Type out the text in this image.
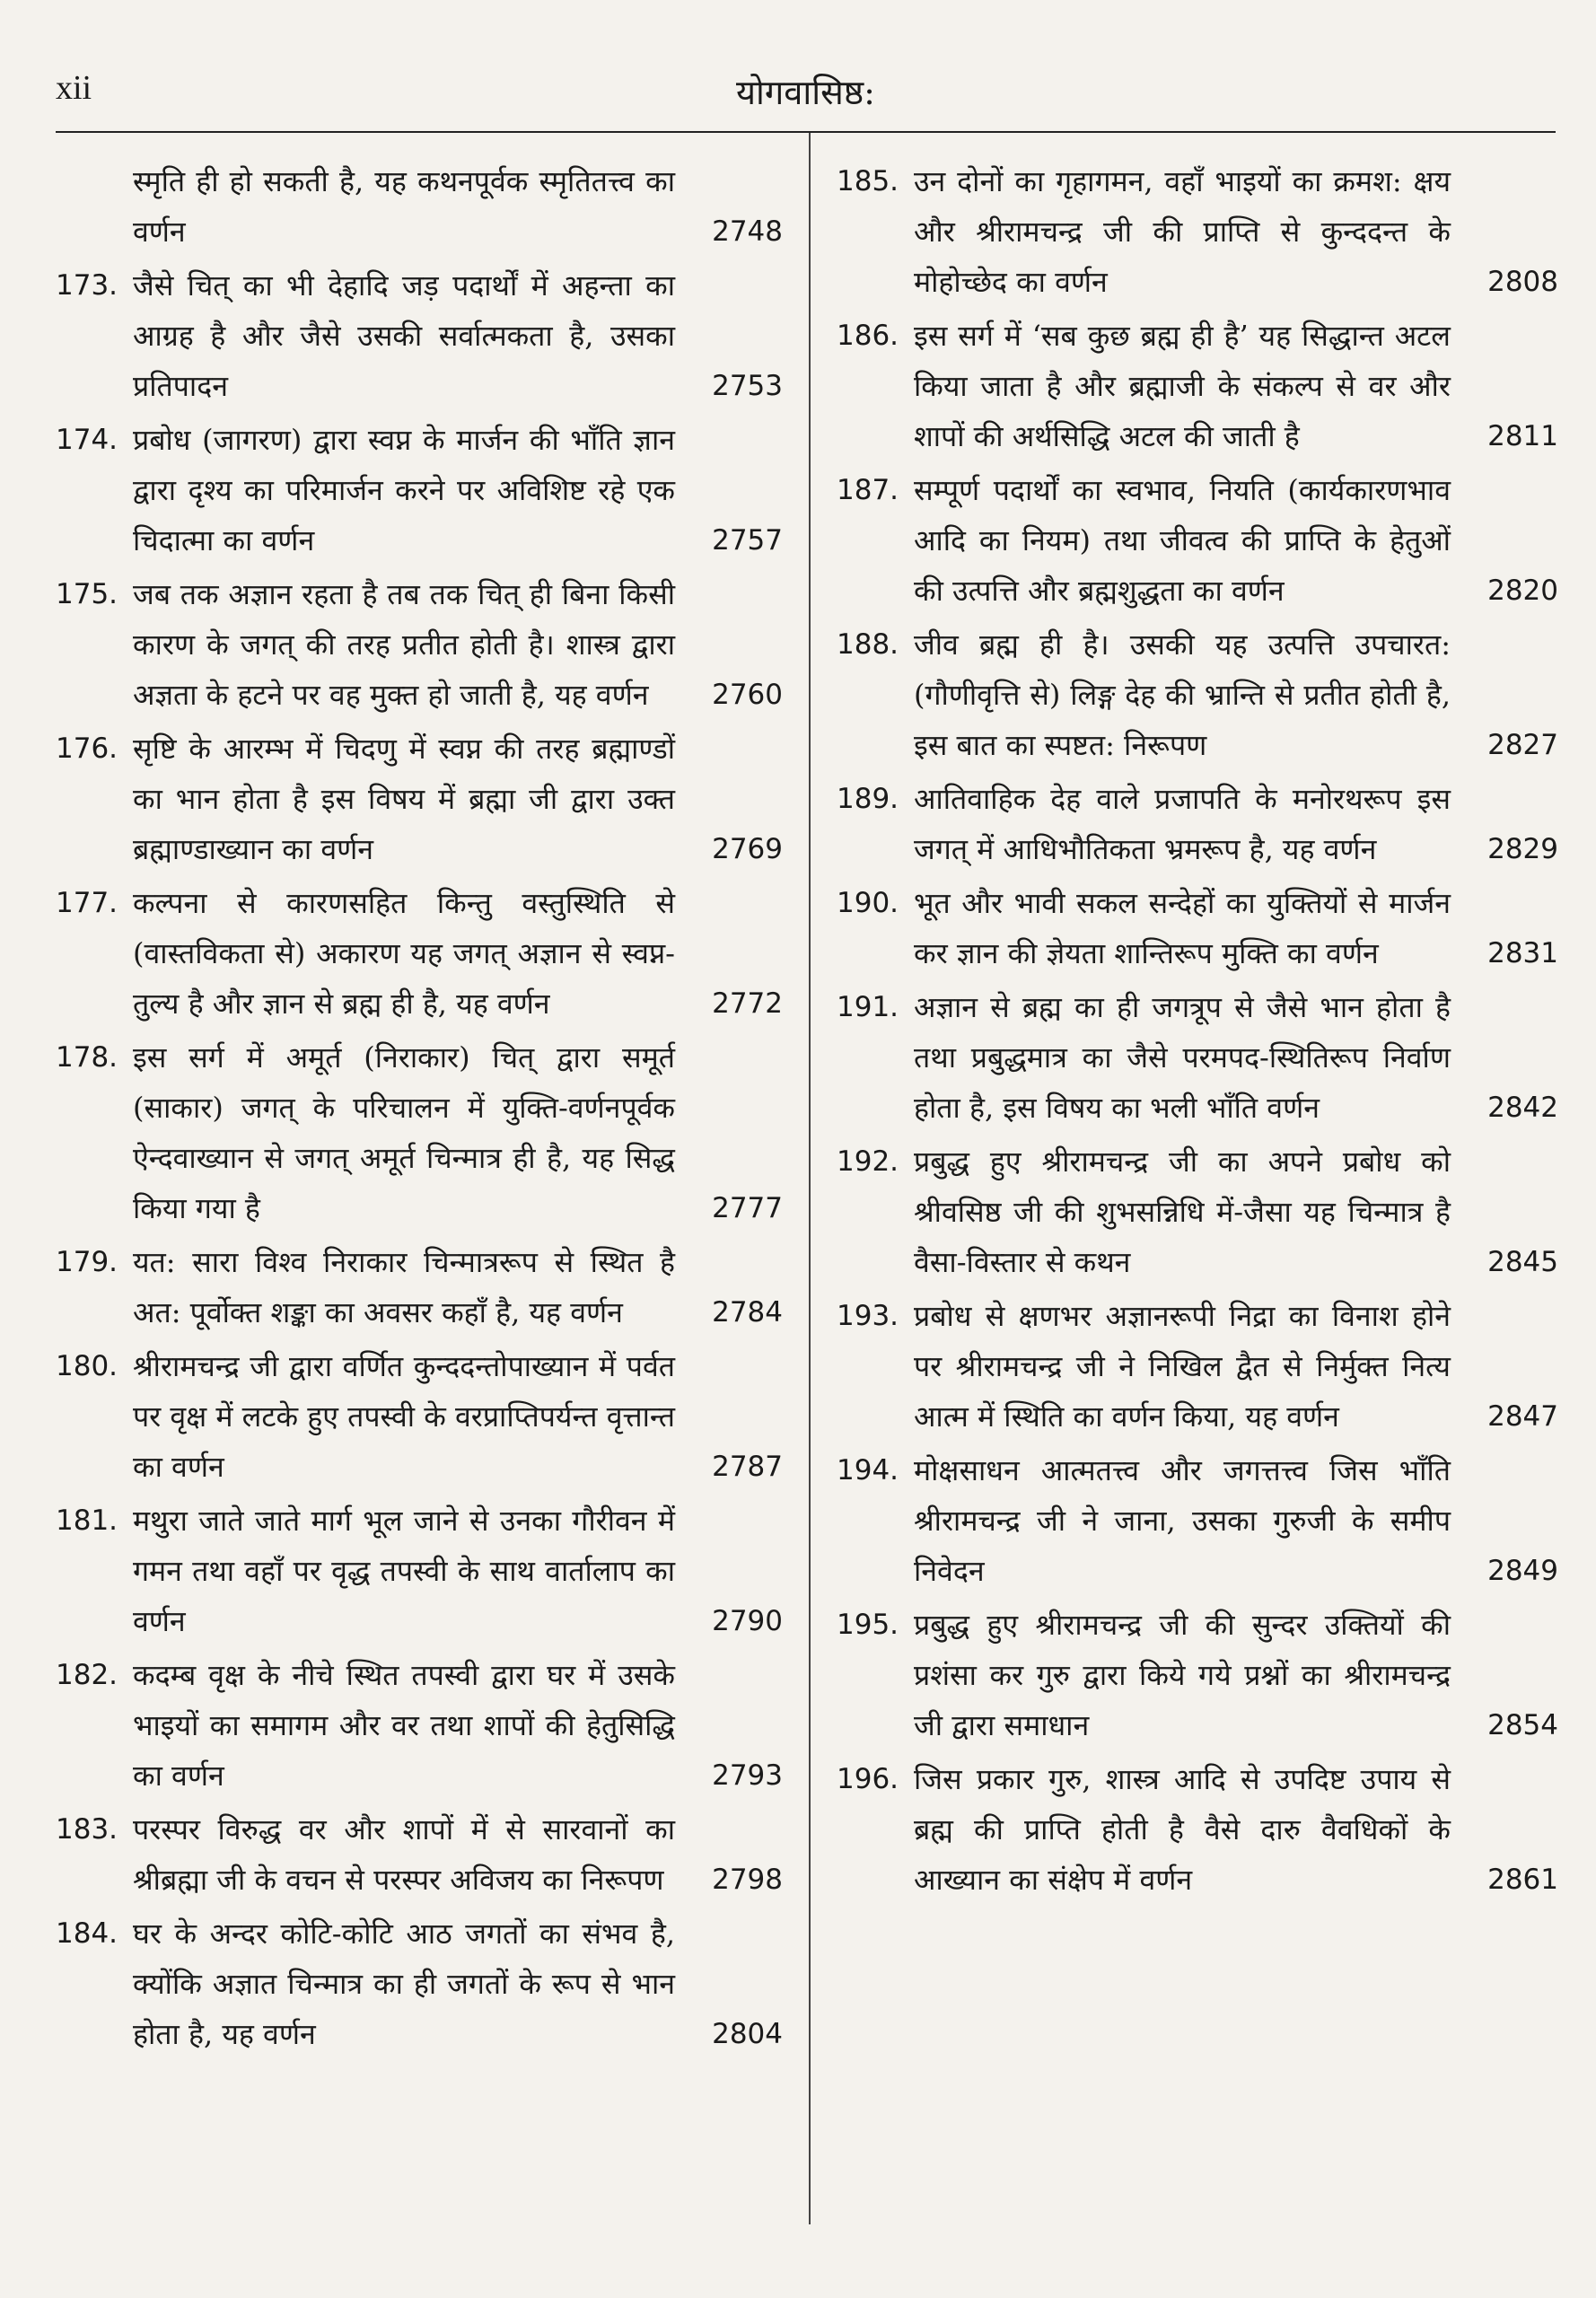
xii	योगवासिष्ठ:
स्मृति ही हो सकती है, यह कथनपूर्वक स्मृतितत्त्व का वर्णन	2748
173. जैसे चित् का भी देहादि जड़ पदार्थों में अहन्ता का आग्रह है और जैसे उसकी सर्वात्मकता है, उसका प्रतिपादन	2753
174. प्रबोध (जागरण) द्वारा स्वप्न के मार्जन की भाँति ज्ञान द्वारा दृश्य का परिमार्जन करने पर अविशिष्ट रहे एक चिदात्मा का वर्णन	2757
175. जब तक अज्ञान रहता है तब तक चित् ही बिना किसी कारण के जगत् की तरह प्रतीत होती है। शास्त्र द्वारा अज्ञता के हटने पर वह मुक्त हो जाती है, यह वर्णन	2760
176. सृष्टि के आरम्भ में चिदणु में स्वप्न की तरह ब्रह्माण्डों का भान होता है इस विषय में ब्रह्मा जी द्वारा उक्त ब्रह्माण्डाख्यान का वर्णन	2769
177. कल्पना से कारणसहित किन्तु वस्तुस्थिति से (वास्तविकता से) अकारण यह जगत् अज्ञान से स्वप्न-तुल्य है और ज्ञान से ब्रह्म ही है, यह वर्णन	2772
178. इस सर्ग में अमूर्त (निराकार) चित् द्वारा समूर्त (साकार) जगत् के परिचालन में युक्ति-वर्णनपूर्वक ऐन्दवाख्यान से जगत् अमूर्त चिन्मात्र ही है, यह सिद्ध किया गया है	2777
179. यत: सारा विश्व निराकार चिन्मात्ररूप से स्थित है अत: पूर्वोक्त शङ्का का अवसर कहाँ है, यह वर्णन	2784
180. श्रीरामचन्द्र जी द्वारा वर्णित कुन्ददन्तोपाख्यान में पर्वत पर वृक्ष में लटके हुए तपस्वी के वरप्राप्तिपर्यन्त वृत्तान्त का वर्णन	2787
181. मथुरा जाते जाते मार्ग भूल जाने से उनका गौरीवन में गमन तथा वहाँ पर वृद्ध तपस्वी के साथ वार्तालाप का वर्णन	2790
182. कदम्ब वृक्ष के नीचे स्थित तपस्वी द्वारा घर में उसके भाइयों का समागम और वर तथा शापों की हेतुसिद्धि का वर्णन	2793
183. परस्पर विरुद्ध वर और शापों में से सारवानों का श्रीब्रह्मा जी के वचन से परस्पर अविजय का निरूपण	2798
184. घर के अन्दर कोटि-कोटि आठ जगतों का संभव है, क्योंकि अज्ञात चिन्मात्र का ही जगतों के रूप से भान होता है, यह वर्णन	2804
185. उन दोनों का गृहागमन, वहाँ भाइयों का क्रमश: क्षय और श्रीरामचन्द्र जी की प्राप्ति से कुन्ददन्त के मोहोच्छेद का वर्णन	2808
186. इस सर्ग में ‘सब कुछ ब्रह्म ही है’ यह सिद्धान्त अटल किया जाता है और ब्रह्माजी के संकल्प से वर और शापों की अर्थसिद्धि अटल की जाती है	2811
187. सम्पूर्ण पदार्थों का स्वभाव, नियति (कार्यकारणभाव आदि का नियम) तथा जीवत्व की प्राप्ति के हेतुओं की उत्पत्ति और ब्रह्मशुद्धता का वर्णन	2820
188. जीव ब्रह्म ही है। उसकी यह उत्पत्ति उपचारत: (गौणीवृत्ति से) लिङ्ग देह की भ्रान्ति से प्रतीत होती है, इस बात का स्पष्टत: निरूपण	2827
189. आतिवाहिक देह वाले प्रजापति के मनोरथरूप इस जगत् में आधिभौतिकता भ्रमरूप है, यह वर्णन	2829
190. भूत और भावी सकल सन्देहों का युक्तियों से मार्जन कर ज्ञान की ज्ञेयता शान्तिरूप मुक्ति का वर्णन	2831
191. अज्ञान से ब्रह्म का ही जगत्रूप से जैसे भान होता है तथा प्रबुद्धमात्र का जैसे परमपद-स्थितिरूप निर्वाण होता है, इस विषय का भली भाँति वर्णन	2842
192. प्रबुद्ध हुए श्रीरामचन्द्र जी का अपने प्रबोध को श्रीवसिष्ठ जी की शुभसन्निधि में-जैसा यह चिन्मात्र है वैसा-विस्तार से कथन	2845
193. प्रबोध से क्षणभर अज्ञानरूपी निद्रा का विनाश होने पर श्रीरामचन्द्र जी ने निखिल द्वैत से निर्मुक्त नित्य आत्म में स्थिति का वर्णन किया, यह वर्णन	2847
194. मोक्षसाधन आत्मतत्त्व और जगत्तत्त्व जिस भाँति श्रीरामचन्द्र जी ने जाना, उसका गुरुजी के समीप निवेदन	2849
195. प्रबुद्ध हुए श्रीरामचन्द्र जी की सुन्दर उक्तियों की प्रशंसा कर गुरु द्वारा किये गये प्रश्नों का श्रीरामचन्द्र जी द्वारा समाधान	2854
196. जिस प्रकार गुरु, शास्त्र आदि से उपदिष्ट उपाय से ब्रह्म की प्राप्ति होती है वैसे दारु वैवधिकों के आख्यान का संक्षेप में वर्णन	2861
